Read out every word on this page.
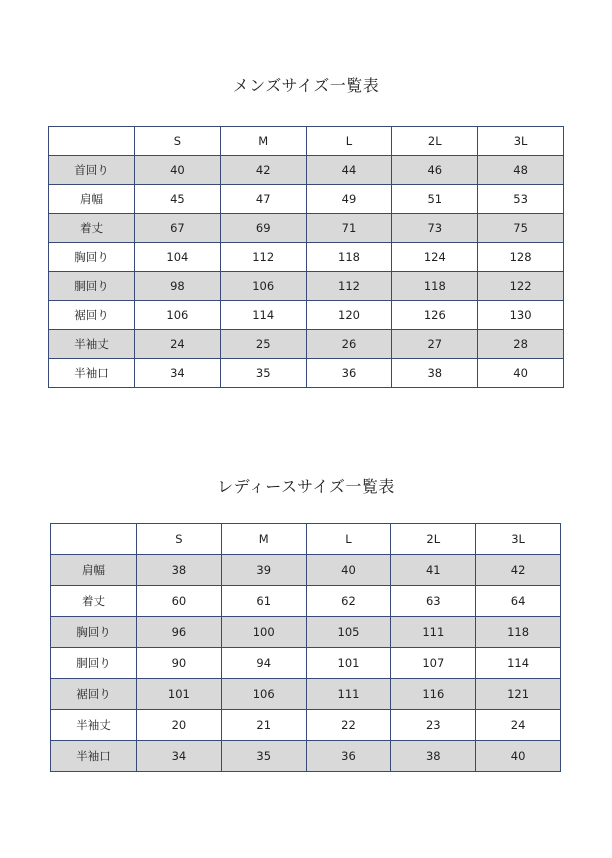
メンズサイズ一覧表
	S	M	L	2L	3L
首回り	40	42	44	46	48
肩幅	45	47	49	51	53
着丈	67	69	71	73	75
胸回り	104	112	118	124	128
胴回り	98	106	112	118	122
裾回り	106	114	120	126	130
半袖丈	24	25	26	27	28
半袖口	34	35	36	38	40
レディースサイズ一覧表
	S	M	L	2L	3L
肩幅	38	39	40	41	42
着丈	60	61	62	63	64
胸回り	96	100	105	111	118
胴回り	90	94	101	107	114
裾回り	101	106	111	116	121
半袖丈	20	21	22	23	24
半袖口	34	35	36	38	40
